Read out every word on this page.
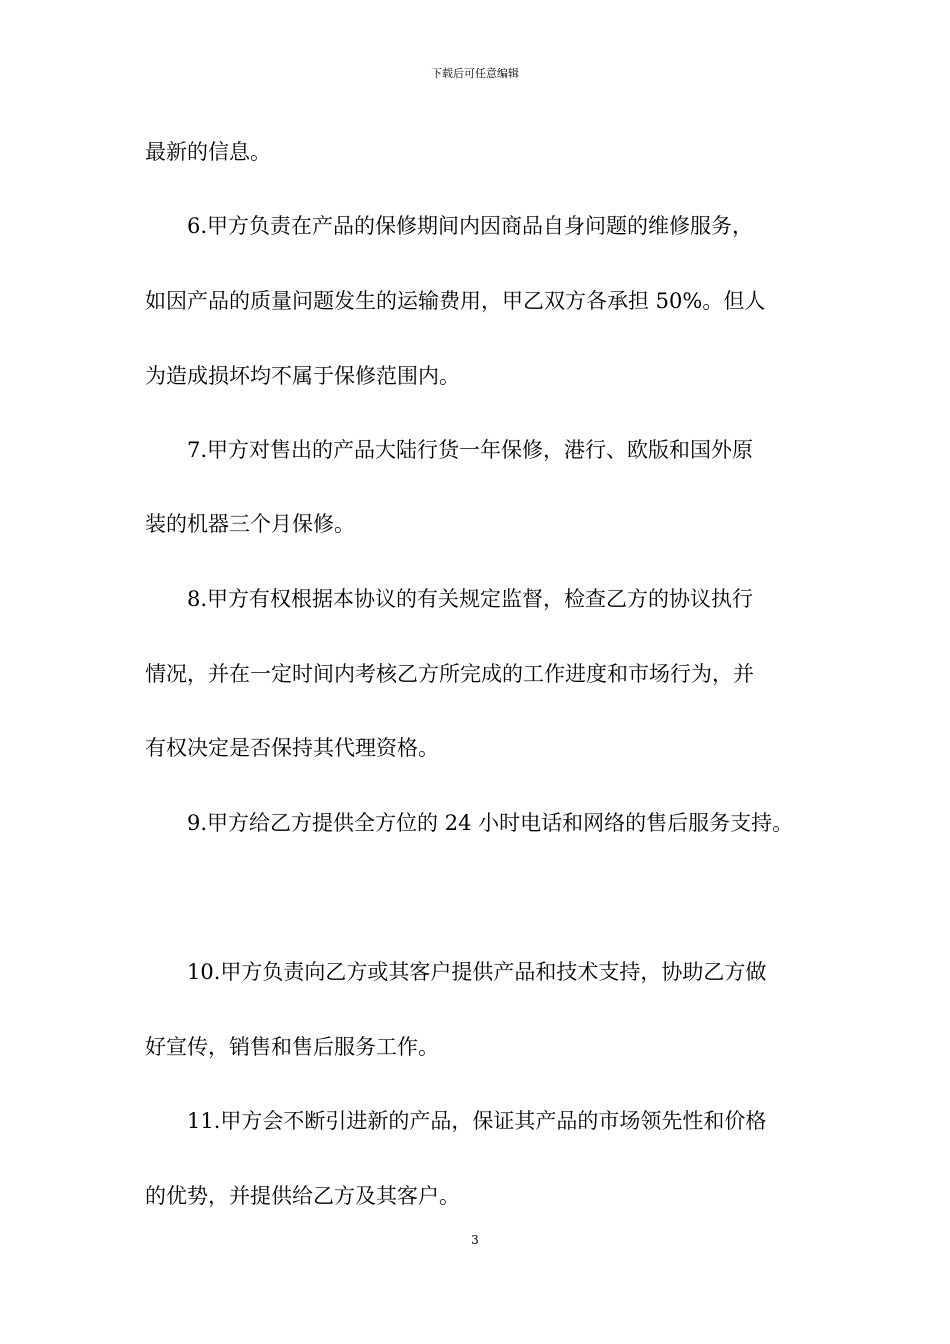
下载后可任意编辑
最新的信息。
6.甲方负责在产品的保修期间内因商品自身问题的维修服务，
如因产品的质量问题发生的运输费用，甲乙双方各承担 50%。但人
为造成损坏均不属于保修范围内。
7.甲方对售出的产品大陆行货一年保修，港行、欧版和国外原
装的机器三个月保修。
8.甲方有权根据本协议的有关规定监督，检查乙方的协议执行
情况，并在一定时间内考核乙方所完成的工作进度和市场行为，并
有权决定是否保持其代理资格。
9.甲方给乙方提供全方位的 24 小时电话和网络的售后服务支持。
10.甲方负责向乙方或其客户提供产品和技术支持，协助乙方做
好宣传，销售和售后服务工作。
11.甲方会不断引进新的产品，保证其产品的市场领先性和价格
的优势，并提供给乙方及其客户。
3
